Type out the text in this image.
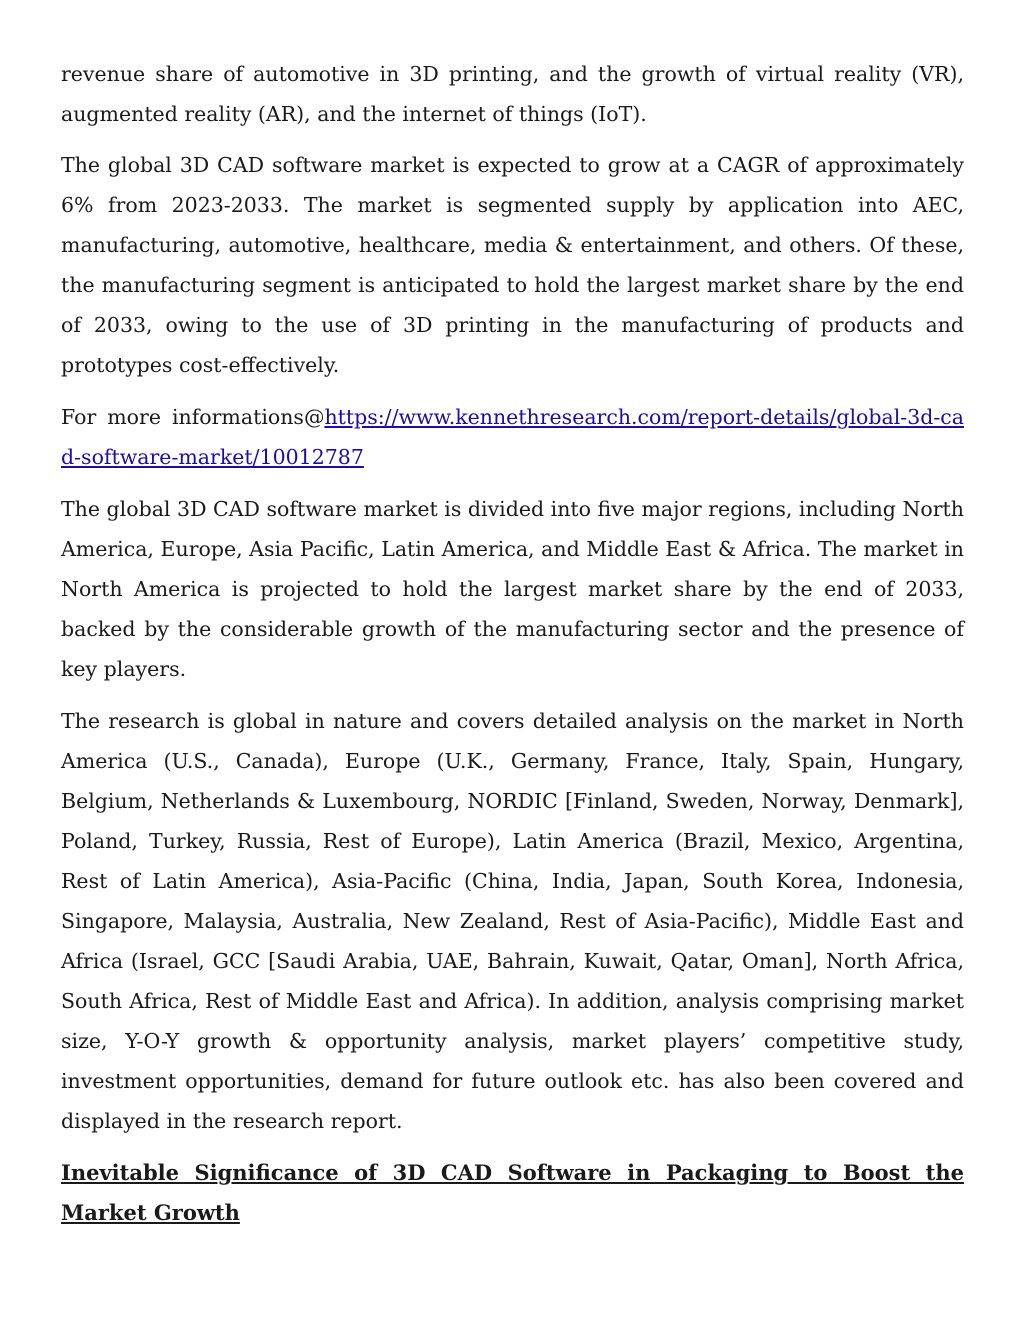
revenue share of automotive in 3D printing, and the growth of virtual reality (VR), augmented reality (AR), and the internet of things (IoT).

The global 3D CAD software market is expected to grow at a CAGR of approximately 6% from 2023-2033. The market is segmented supply by application into AEC, manufacturing, automotive, healthcare, media & entertainment, and others. Of these, the manufacturing segment is anticipated to hold the largest market share by the end of 2033, owing to the use of 3D printing in the manufacturing of products and prototypes cost-effectively.

For more informations@https://www.kennethresearch.com/report-details/global-3d-cad-software-market/10012787

The global 3D CAD software market is divided into five major regions, including North America, Europe, Asia Pacific, Latin America, and Middle East & Africa. The market in North America is projected to hold the largest market share by the end of 2033, backed by the considerable growth of the manufacturing sector and the presence of key players.

The research is global in nature and covers detailed analysis on the market in North America (U.S., Canada), Europe (U.K., Germany, France, Italy, Spain, Hungary, Belgium, Netherlands & Luxembourg, NORDIC [Finland, Sweden, Norway, Denmark], Poland, Turkey, Russia, Rest of Europe), Latin America (Brazil, Mexico, Argentina, Rest of Latin America), Asia-Pacific (China, India, Japan, South Korea, Indonesia, Singapore, Malaysia, Australia, New Zealand, Rest of Asia-Pacific), Middle East and Africa (Israel, GCC [Saudi Arabia, UAE, Bahrain, Kuwait, Qatar, Oman], North Africa, South Africa, Rest of Middle East and Africa). In addition, analysis comprising market size, Y-O-Y growth & opportunity analysis, market players’ competitive study, investment opportunities, demand for future outlook etc. has also been covered and displayed in the research report.

Inevitable Significance of 3D CAD Software in Packaging to Boost the Market Growth
